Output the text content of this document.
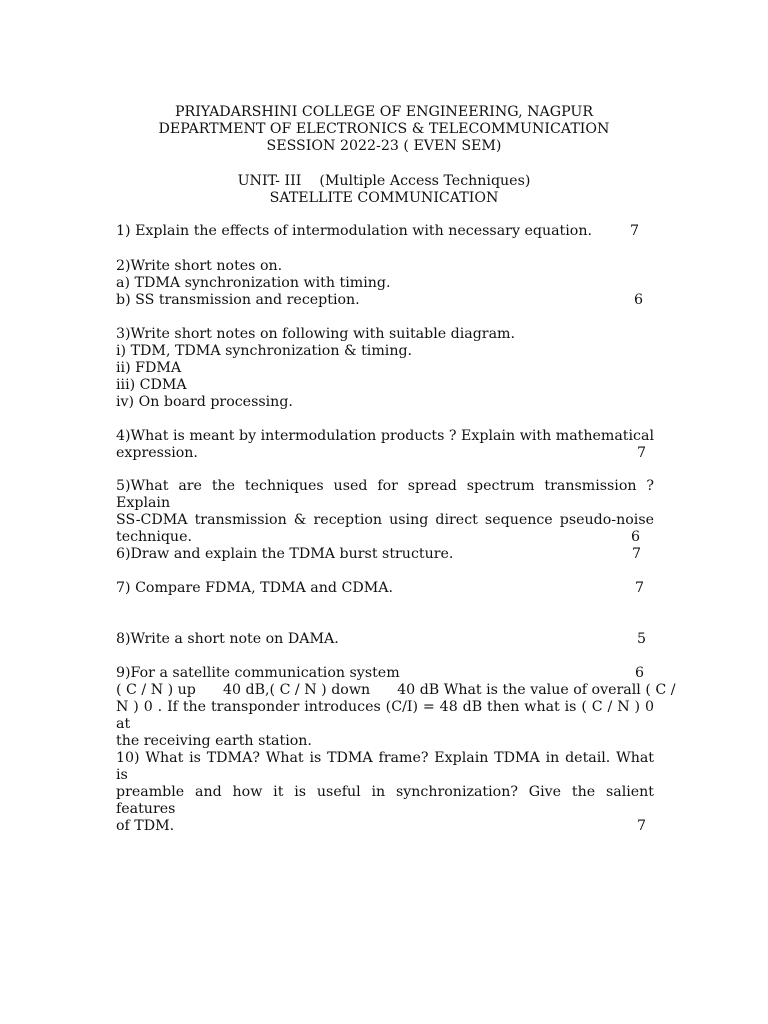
PRIYADARSHINI COLLEGE OF ENGINEERING, NAGPUR
DEPARTMENT OF ELECTRONICS & TELECOMMUNICATION
SESSION 2022-23 ( EVEN SEM)
UNIT- III    (Multiple Access Techniques)
SATELLITE COMMUNICATION
1) Explain the effects of intermodulation with necessary equation.	7
2)Write short notes on.
a) TDMA synchronization with timing.
b) SS transmission and reception.	6
3)Write short notes on following with suitable diagram.
i) TDM, TDMA synchronization & timing.
ii) FDMA
iii) CDMA
iv) On board processing.
4)What is meant by intermodulation products ? Explain with mathematical
expression.	7
5)What are the techniques used for spread spectrum transmission ? Explain
SS-CDMA transmission & reception using direct sequence pseudo-noise
technique.	6
6)Draw and explain the TDMA burst structure.	7
7) Compare FDMA, TDMA and CDMA.	7
8)Write a short note on DAMA.	5
9)For a satellite communication system	6
( C / N ) up      40 dB,( C / N ) down      40 dB What is the value of overall ( C /
N ) 0 . If the transponder introduces (C/I) = 48 dB then what is ( C / N ) 0 at
the receiving earth station.
10) What is TDMA? What is TDMA frame? Explain TDMA in detail. What is
preamble and how it is useful in synchronization? Give the salient features
of TDM.	7
